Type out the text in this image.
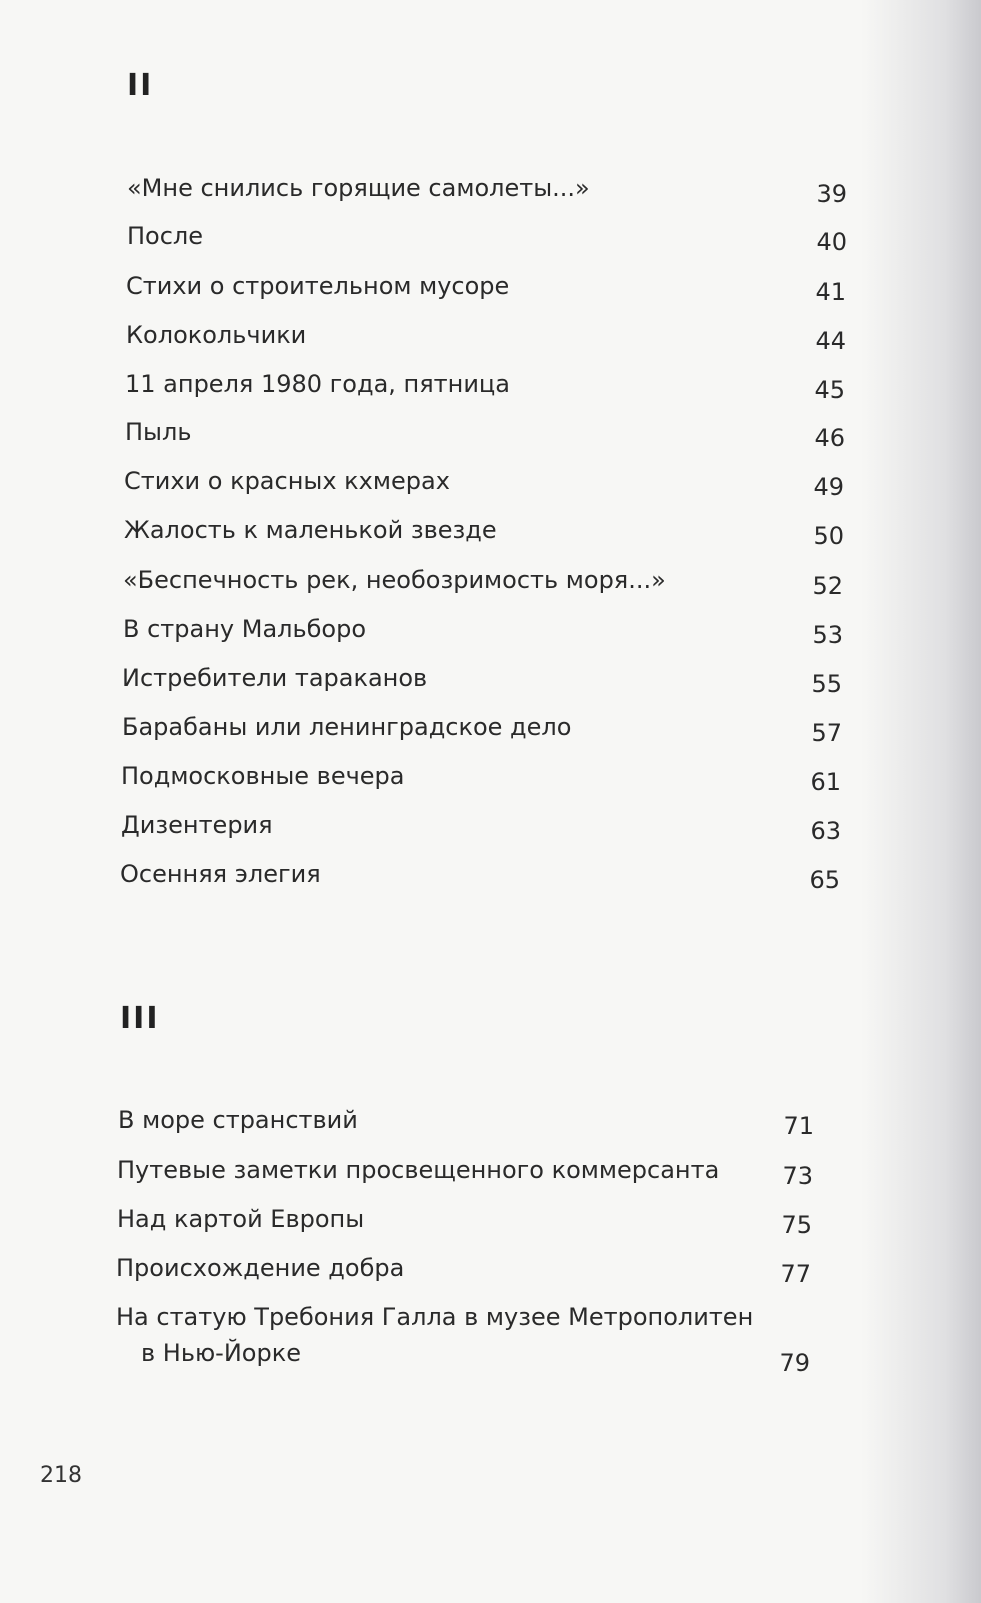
II
«Мне снились горящие самолеты...»	39
После	40
Стихи о строительном мусоре	41
Колокольчики	44
11 апреля 1980 года, пятница	45
Пыль	46
Стихи о красных кхмерах	49
Жалость к маленькой звезде	50
«Беспечность рек, необозримость моря...»	52
В страну Мальборо	53
Истребители тараканов	55
Барабаны или ленинградское дело	57
Подмосковные вечера	61
Дизентерия	63
Осенняя элегия	65
III
В море странствий	71
Путевые заметки просвещенного коммерсанта	73
Над картой Европы	75
Происхождение добра	77
На статую Требония Галла в музее Метрополитен
в Нью-Йорке	79
218
